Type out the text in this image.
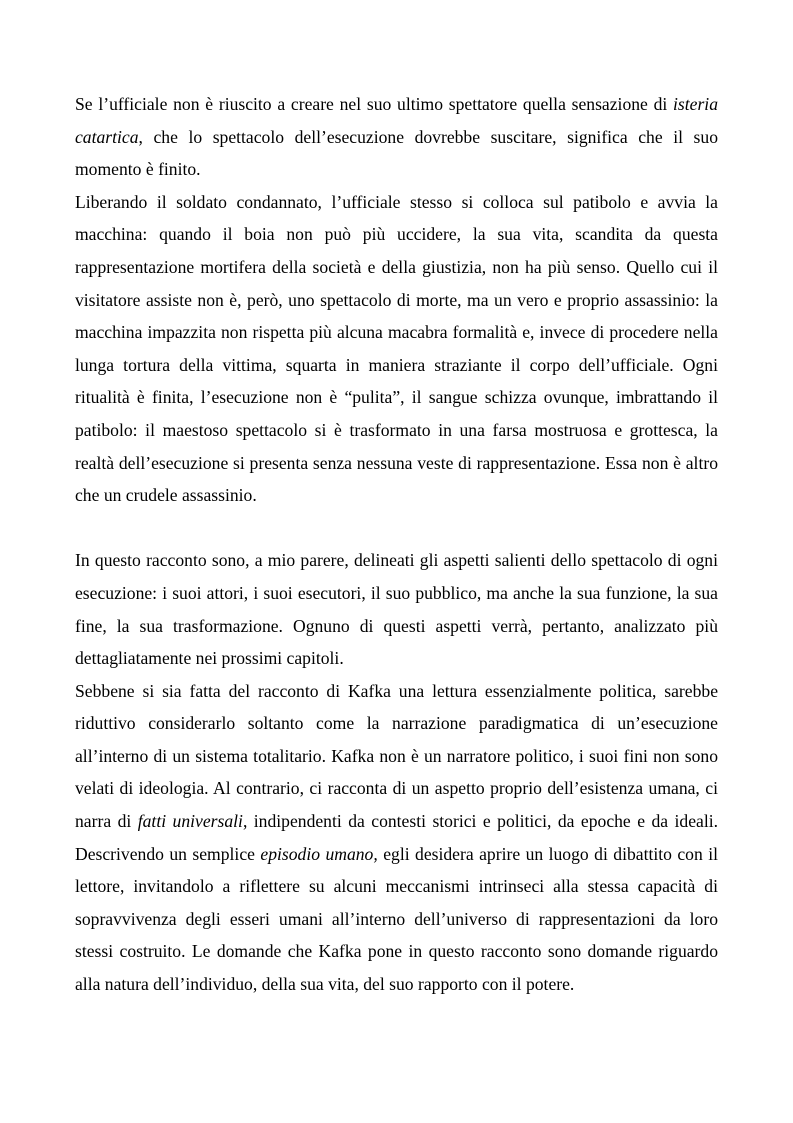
Se l’ufficiale non è riuscito a creare nel suo ultimo spettatore quella sensazione di isteria catartica, che lo spettacolo dell’esecuzione dovrebbe suscitare, significa che il suo momento è finito.

Liberando il soldato condannato, l’ufficiale stesso si colloca sul patibolo e avvia la macchina: quando il boia non può più uccidere, la sua vita, scandita da questa rappresentazione mortifera della società e della giustizia, non ha più senso. Quello cui il visitatore assiste non è, però, uno spettacolo di morte, ma un vero e proprio assassinio: la macchina impazzita non rispetta più alcuna macabra formalità e, invece di procedere nella lunga tortura della vittima, squarta in maniera straziante il corpo dell’ufficiale. Ogni ritualità è finita, l’esecuzione non è “pulita”, il sangue schizza ovunque, imbrattando il patibolo: il maestoso spettacolo si è trasformato in una farsa mostruosa e grottesca, la realtà dell’esecuzione si presenta senza nessuna veste di rappresentazione. Essa non è altro che un crudele assassinio.

In questo racconto sono, a mio parere, delineati gli aspetti salienti dello spettacolo di ogni esecuzione: i suoi attori, i suoi esecutori, il suo pubblico, ma anche la sua funzione, la sua fine, la sua trasformazione. Ognuno di questi aspetti verrà, pertanto, analizzato più dettagliatamente nei prossimi capitoli.

Sebbene si sia fatta del racconto di Kafka una lettura essenzialmente politica, sarebbe riduttivo considerarlo soltanto come la narrazione paradigmatica di un’esecuzione all’interno di un sistema totalitario. Kafka non è un narratore politico, i suoi fini non sono velati di ideologia. Al contrario, ci racconta di un aspetto proprio dell’esistenza umana, ci narra di fatti universali, indipendenti da contesti storici e politici, da epoche e da ideali. Descrivendo un semplice episodio umano, egli desidera aprire un luogo di dibattito con il lettore, invitandolo a riflettere su alcuni meccanismi intrinseci alla stessa capacità di sopravvivenza degli esseri umani all’interno dell’universo di rappresentazioni da loro stessi costruito. Le domande che Kafka pone in questo racconto sono domande riguardo alla natura dell’individuo, della sua vita, del suo rapporto con il potere.
